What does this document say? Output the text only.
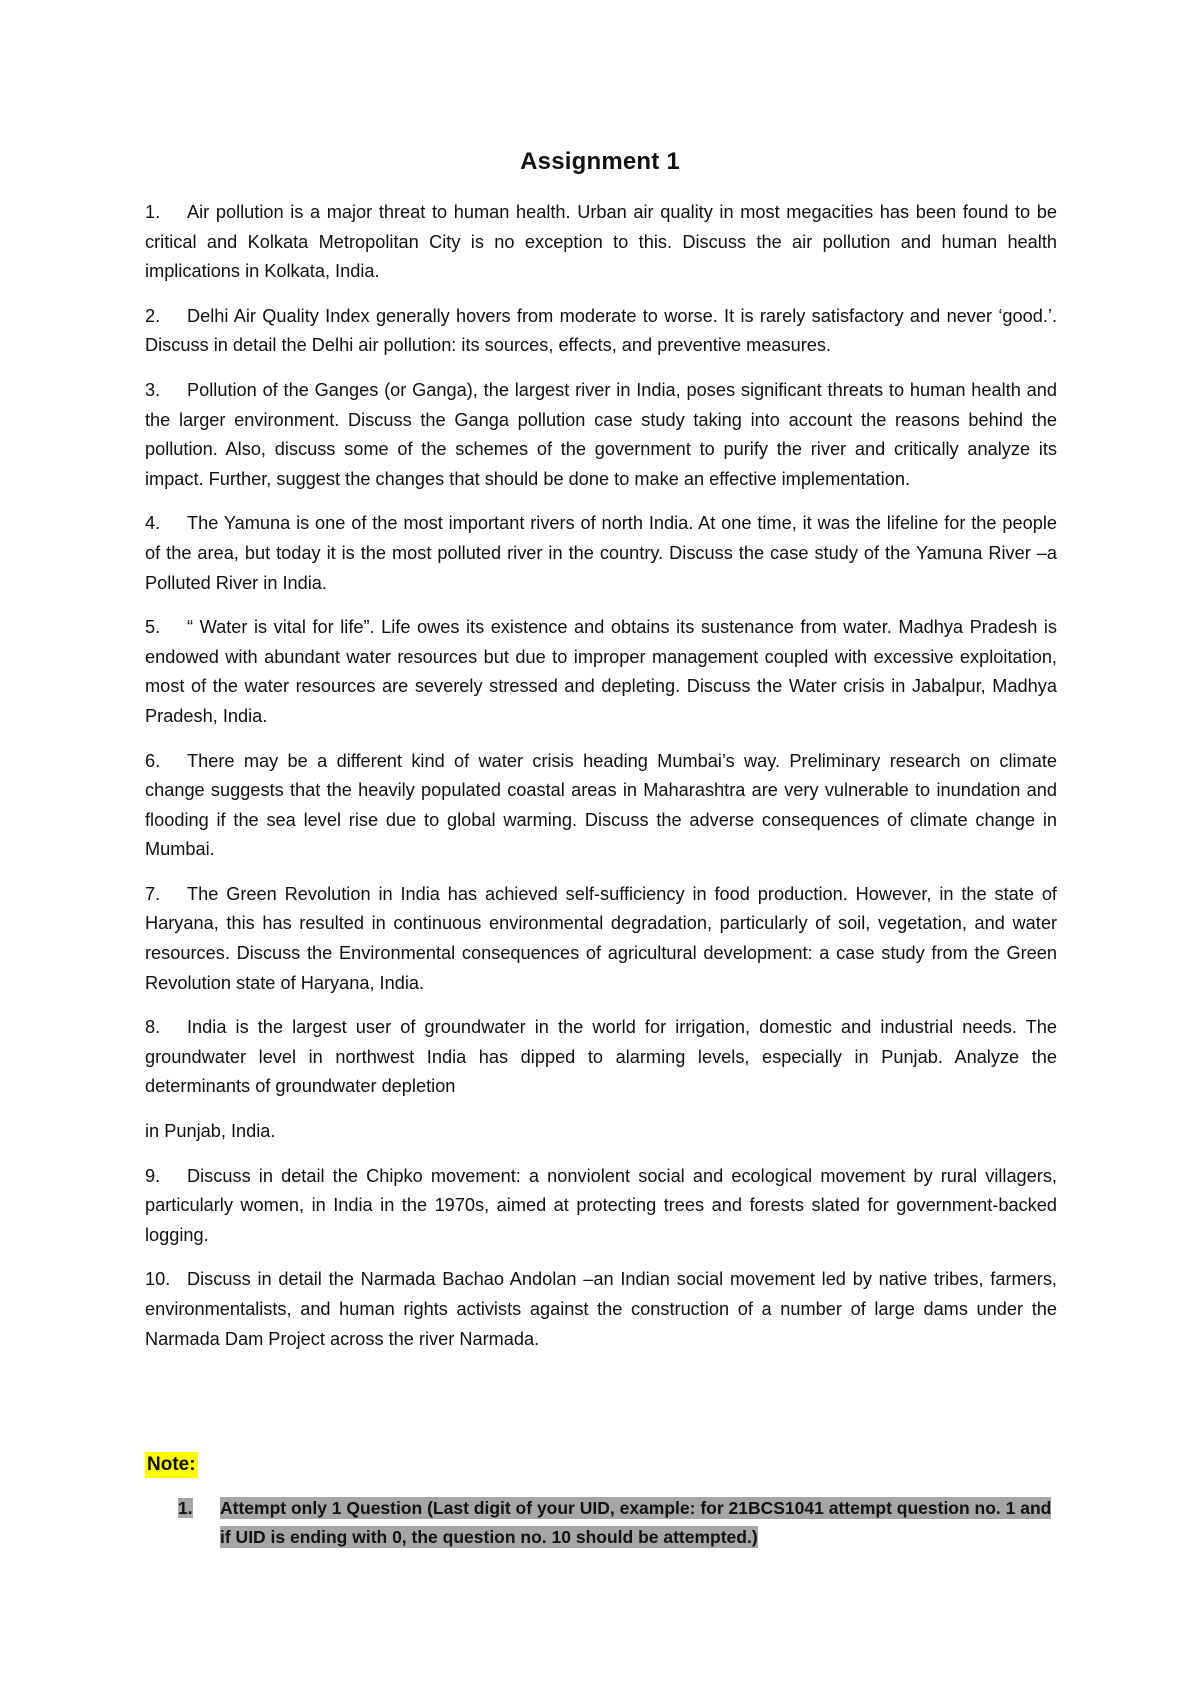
Assignment 1
1. Air pollution is a major threat to human health. Urban air quality in most megacities has been found to be critical and Kolkata Metropolitan City is no exception to this. Discuss the air pollution and human health implications in Kolkata, India.
2. Delhi Air Quality Index generally hovers from moderate to worse. It is rarely satisfactory and never ‘good.’. Discuss in detail the Delhi air pollution: its sources, effects, and preventive measures.
3. Pollution of the Ganges (or Ganga), the largest river in India, poses significant threats to human health and the larger environment. Discuss the Ganga pollution case study taking into account the reasons behind the pollution. Also, discuss some of the schemes of the government to purify the river and critically analyze its impact. Further, suggest the changes that should be done to make an effective implementation.
4. The Yamuna is one of the most important rivers of north India. At one time, it was the lifeline for the people of the area, but today it is the most polluted river in the country. Discuss the case study of the Yamuna River –a Polluted River in India.
5. “ Water is vital for life”. Life owes its existence and obtains its sustenance from water. Madhya Pradesh is endowed with abundant water resources but due to improper management coupled with excessive exploitation, most of the water resources are severely stressed and depleting. Discuss the Water crisis in Jabalpur, Madhya Pradesh, India.
6. There may be a different kind of water crisis heading Mumbai’s way. Preliminary research on climate change suggests that the heavily populated coastal areas in Maharashtra are very vulnerable to inundation and flooding if the sea level rise due to global warming. Discuss the adverse consequences of climate change in Mumbai.
7. The Green Revolution in India has achieved self-sufficiency in food production. However, in the state of Haryana, this has resulted in continuous environmental degradation, particularly of soil, vegetation, and water resources. Discuss the Environmental consequences of agricultural development: a case study from the Green Revolution state of Haryana, India.
8. India is the largest user of groundwater in the world for irrigation, domestic and industrial needs. The groundwater level in northwest India has dipped to alarming levels, especially in Punjab. Analyze the determinants of groundwater depletion
in Punjab, India.
9. Discuss in detail the Chipko movement: a nonviolent social and ecological movement by rural villagers, particularly women, in India in the 1970s, aimed at protecting trees and forests slated for government-backed logging.
10. Discuss in detail the Narmada Bachao Andolan –an Indian social movement led by native tribes, farmers, environmentalists, and human rights activists against the construction of a number of large dams under the Narmada Dam Project across the river Narmada.
Note:
1.	Attempt only 1 Question (Last digit of your UID, example: for 21BCS1041 attempt question no. 1 and if UID is ending with 0, the question no. 10 should be attempted.)
